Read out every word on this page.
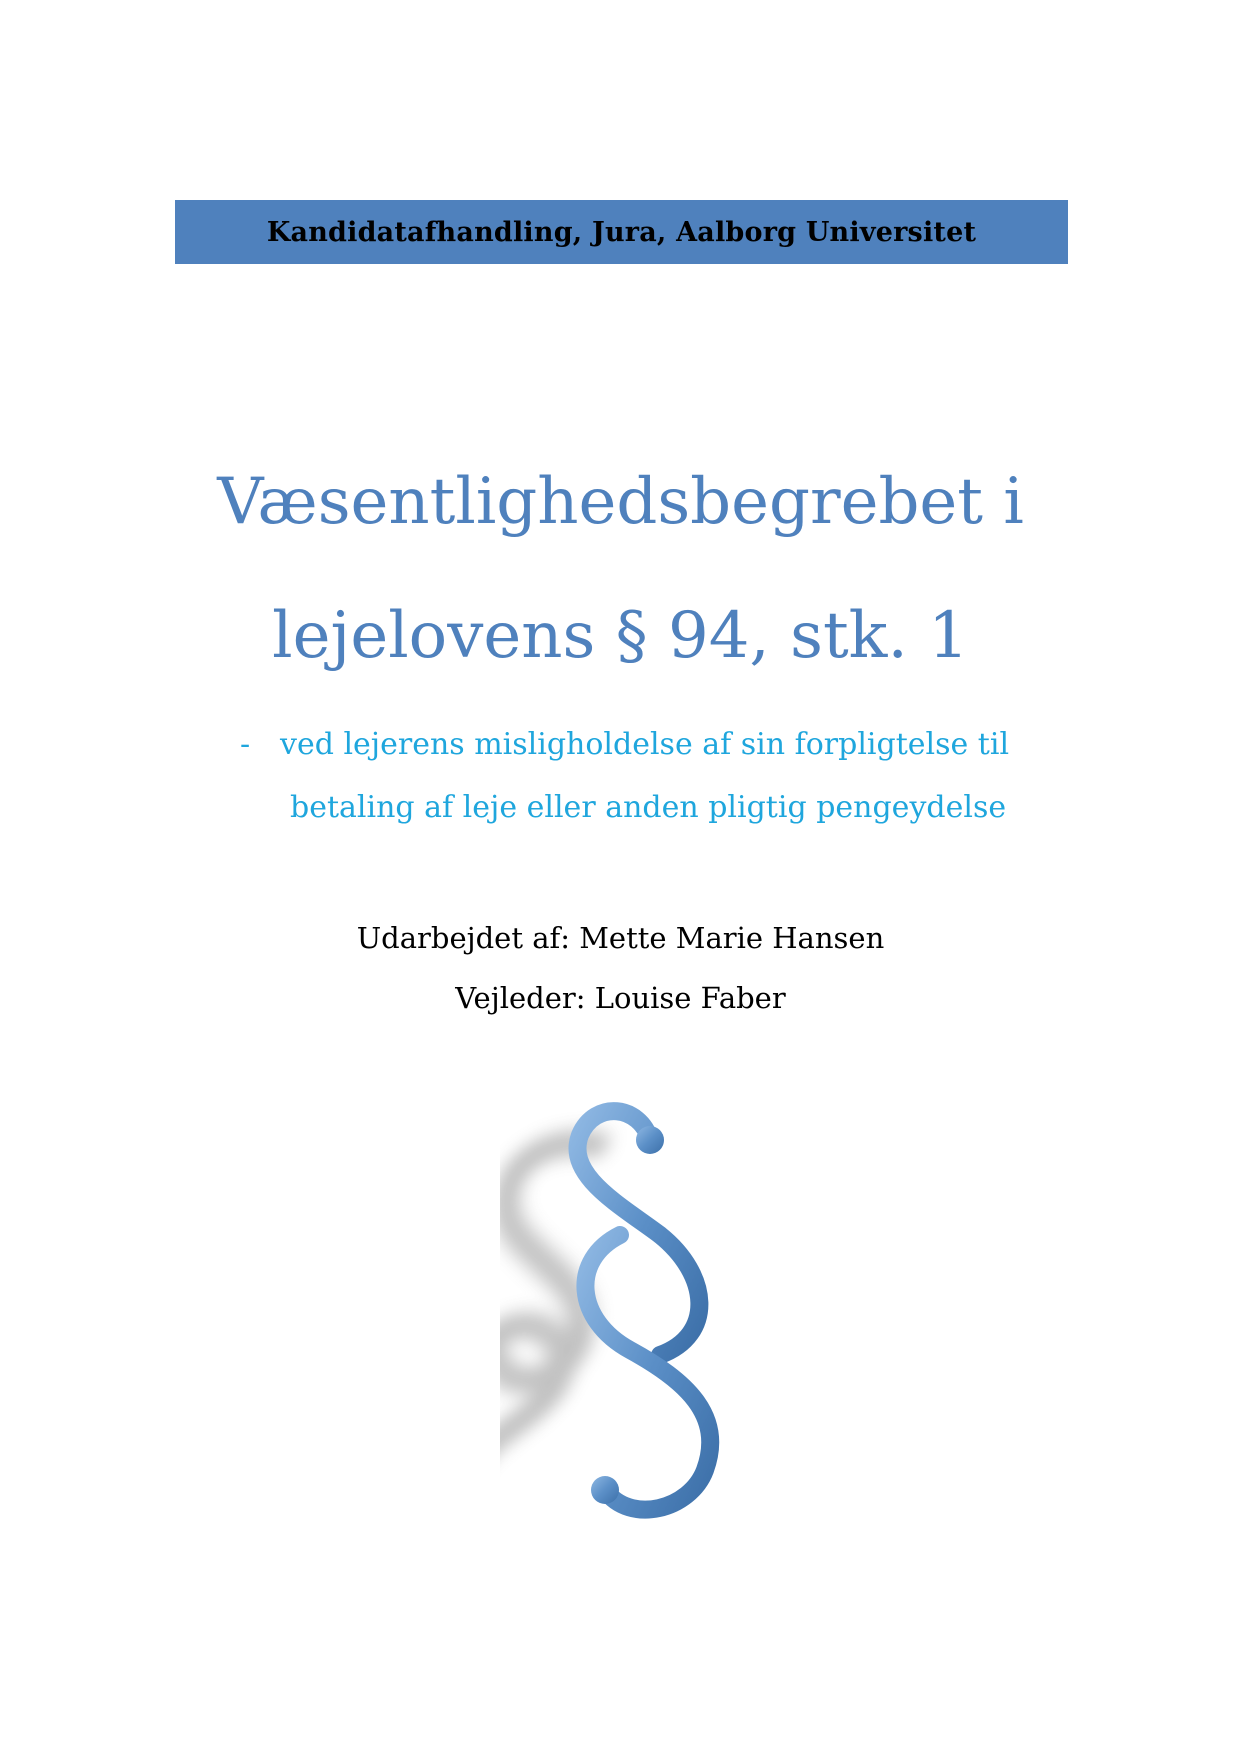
Kandidatafhandling, Jura, Aalborg Universitet
Væsentlighedsbegrebet i
lejelovens § 94, stk. 1
- ved lejerens misligholdelse af sin forpligtelse til
betaling af leje eller anden pligtig pengeydelse
Udarbejdet af: Mette Marie Hansen
Vejleder: Louise Faber
